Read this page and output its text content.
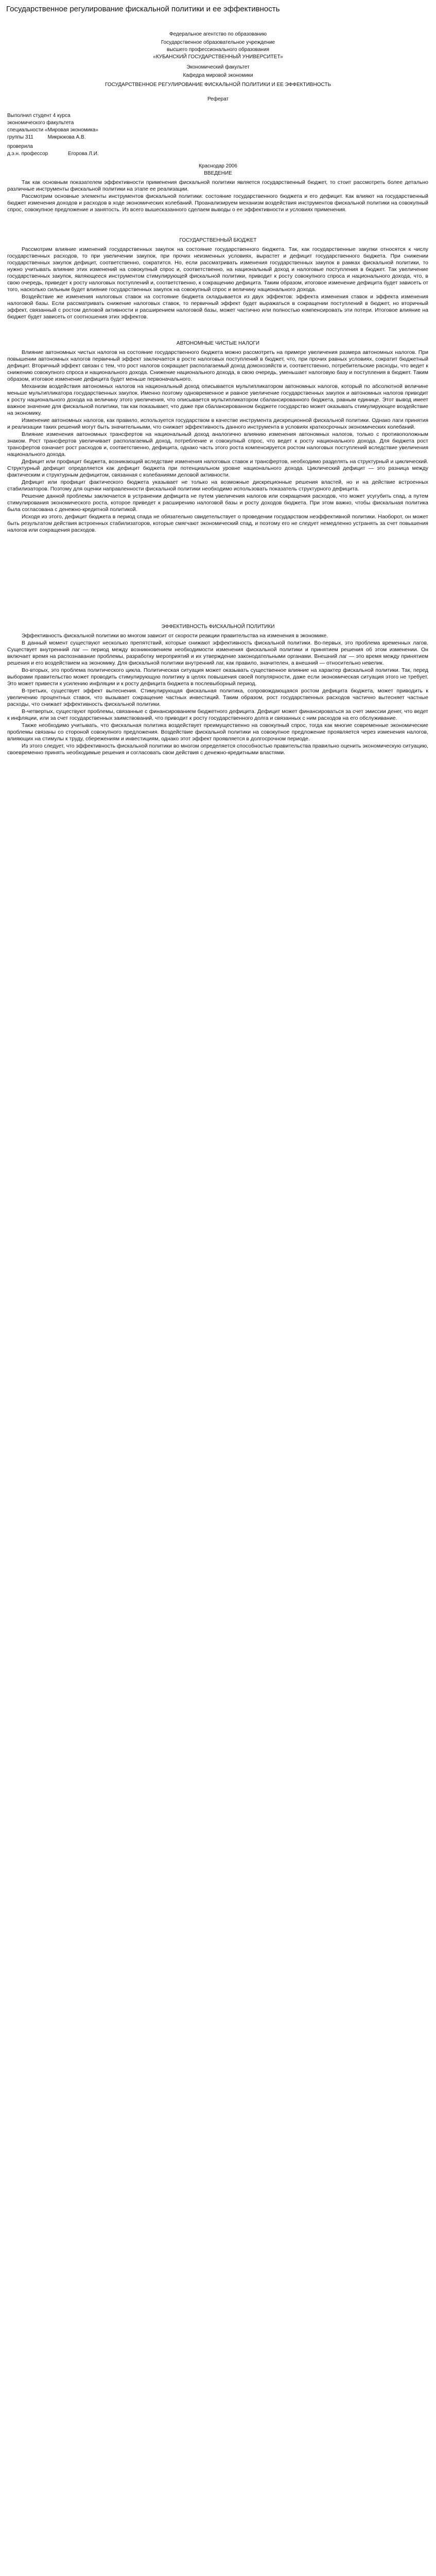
Государственное регулирование фискальной политики и ее эффективность
Федеральное агентство по образованию
Государственное образовательное учреждение
высшего профессионального образования
«КУБАНСКИЙ ГОСУДАРСТВЕННЫЙ УНИВЕРСИТЕТ»
Экономический факультет
Кафедра мировой экономики
ГОСУДАРСТВЕННОЕ РЕГУЛИРОВАНИЕ ФИСКАЛЬНОЙ ПОЛИТИКИ И ЕЕ ЭФФЕКТИВНОСТЬ
Реферат
Выполнил студент 4 курса
экономического факультета
специальности «Мировая экономика»
группы 311          Микрюкова А.В.
проверила
д.э.н. профессор              Егорова Л.И.
Краснодар 2006
ВВЕДЕНИЕ

Так как основным показателем эффективности применения фискальной политики является государственный бюджет, то стоит рассмотреть более детально различные инструменты фискальной политики на этапе ее реализации.

Рассмотрим основные элементы инструментов фискальной политики: состояние государственного бюджета и его дефицит. Как влияют на государственный бюджет изменения доходов и расходов в ходе экономических колебаний. Проанализируем механизм воздействия инструментов фискальной политики на совокупный спрос, совокупное предложение и занятость. Из всего вышесказанного сделаем выводы о ее эффективности и условиях применения.

ГОСУДАРСТВЕННЫЙ БЮДЖЕТ

Рассмотрим влияние изменений государственных закупок на состояние государственного бюджета. Так, как государственные закупки относятся к числу государственных расходов, то при увеличении закупок, при прочих неизменных условиях, вырастет и дефицит государственного бюджета. При снижении государственных закупок дефицит, соответственно, сократится. Но, если рассматривать изменения государственных закупок в рамках фискальной политики, то нужно учитывать влияние этих изменений на совокупный спрос и, соответственно, на национальный доход и налоговые поступления в бюджет. Так увеличение государственных закупок, являющееся инструментом стимулирующей фискальной политики, приводит к росту совокупного спроса и национального дохода, что, в свою очередь, приведет к росту налоговых поступлений и, соответственно, к сокращению дефицита. Таким образом, итоговое изменение дефицита будет зависеть от того, насколько сильным будет влияние государственных закупок на совокупный спрос и величину национального дохода.

Воздействие же изменения налоговых ставок на состояние бюджета складывается из двух эффектов: эффекта изменения ставок и эффекта изменения налоговой базы. Если рассматривать снижение налоговых ставок, то первичный эффект будет выражаться в сокращении поступлений в бюджет, но вторичный эффект, связанный с ростом деловой активности и расширением налоговой базы, может частично или полностью компенсировать эти потери. Итоговое влияние на бюджет будет зависеть от соотношения этих эффектов.

АВТОНОМНЫЕ ЧИСТЫЕ НАЛОГИ

Влияние автономных чистых налогов на состояние государственного бюджета можно рассмотреть на примере увеличения размера автономных налогов. При повышении автономных налогов первичный эффект заключается в росте налоговых поступлений в бюджет, что, при прочих равных условиях, сократит бюджетный дефицит. Вторичный эффект связан с тем, что рост налогов сокращает располагаемый доход домохозяйств и, соответственно, потребительские расходы, что ведет к снижению совокупного спроса и национального дохода. Снижение национального дохода, в свою очередь, уменьшает налоговую базу и поступления в бюджет. Таким образом, итоговое изменение дефицита будет меньше первоначального.

Механизм воздействия автономных налогов на национальный доход описывается мультипликатором автономных налогов, который по абсолютной величине меньше мультипликатора государственных закупок. Именно поэтому одновременное и равное увеличение государственных закупок и автономных налогов приводит к росту национального дохода на величину этого увеличения, что описывается мультипликатором сбалансированного бюджета, равным единице. Этот вывод имеет важное значение для фискальной политики, так как показывает, что даже при сбалансированном бюджете государство может оказывать стимулирующее воздействие на экономику.

Изменение автономных налогов, как правило, используется государством в качестве инструмента дискреционной фискальной политики. Однако лаги принятия и реализации таких решений могут быть значительными, что снижает эффективность данного инструмента в условиях краткосрочных экономических колебаний.

Влияние изменения автономных трансфертов на национальный доход аналогично влиянию изменения автономных налогов, только с противоположным знаком. Рост трансфертов увеличивает располагаемый доход, потребление и совокупный спрос, что ведет к росту национального дохода. Для бюджета рост трансфертов означает рост расходов и, соответственно, дефицита, однако часть этого роста компенсируется ростом налоговых поступлений вследствие увеличения национального дохода.

Дефицит или профицит бюджета, возникающий вследствие изменения налоговых ставок и трансфертов, необходимо разделять на структурный и циклический. Структурный дефицит определяется как дефицит бюджета при потенциальном уровне национального дохода. Циклический дефицит — это разница между фактическим и структурным дефицитом, связанная с колебаниями деловой активности.

Дефицит или профицит фактического бюджета указывает не только на возможные дискреционные решения властей, но и на действие встроенных стабилизаторов. Поэтому для оценки направленности фискальной политики необходимо использовать показатель структурного дефицита.

Решение данной проблемы заключается в устранении дефицита не путем увеличения налогов или сокращения расходов, что может усугубить спад, а путем стимулирования экономического роста, которое приведет к расширению налоговой базы и росту доходов бюджета. При этом важно, чтобы фискальная политика была согласована с денежно-кредитной политикой.

Исходя из этого, дефицит бюджета в период спада не обязательно свидетельствует о проведении государством неэффективной политики. Наоборот, он может быть результатом действия встроенных стабилизаторов, которые смягчают экономический спад, и поэтому его не следует немедленно устранять за счет повышения налогов или сокращения расходов.

ЭФФЕКТИВНОСТЬ ФИСКАЛЬНОЙ ПОЛИТИКИ

Эффективность фискальной политики во многом зависит от скорости реакции правительства на изменения в экономике.

В данный момент существуют несколько препятствий, которые снижают эффективность фискальной политики. Во-первых, это проблема временных лагов. Существует внутренний лаг — период между возникновением необходимости изменения фискальной политики и принятием решения об этом изменении. Он включает время на распознавание проблемы, разработку мероприятий и их утверждение законодательными органами. Внешний лаг — это время между принятием решения и его воздействием на экономику. Для фискальной политики внутренний лаг, как правило, значителен, а внешний — относительно невелик.

Во-вторых, это проблема политического цикла. Политическая ситуация может оказывать существенное влияние на характер фискальной политики. Так, перед выборами правительство может проводить стимулирующую политику в целях повышения своей популярности, даже если экономическая ситуация этого не требует. Это может привести к усилению инфляции и к росту дефицита бюджета в послевыборный период.

В-третьих, существует эффект вытеснения. Стимулирующая фискальная политика, сопровождающаяся ростом дефицита бюджета, может приводить к увеличению процентных ставок, что вызывает сокращение частных инвестиций. Таким образом, рост государственных расходов частично вытесняет частные расходы, что снижает эффективность фискальной политики.

В-четвертых, существуют проблемы, связанные с финансированием бюджетного дефицита. Дефицит может финансироваться за счет эмиссии денег, что ведет к инфляции, или за счет государственных заимствований, что приводит к росту государственного долга и связанных с ним расходов на его обслуживание.

Также необходимо учитывать, что фискальная политика воздействует преимущественно на совокупный спрос, тогда как многие современные экономические проблемы связаны со стороной совокупного предложения. Воздействие фискальной политики на совокупное предложение проявляется через изменения налогов, влияющих на стимулы к труду, сбережениям и инвестициям, однако этот эффект проявляется в долгосрочном периоде.

Из этого следует, что эффективность фискальной политики во многом определяется способностью правительства правильно оценить экономическую ситуацию, своевременно принять необходимые решения и согласовать свои действия с денежно-кредитными властями.
